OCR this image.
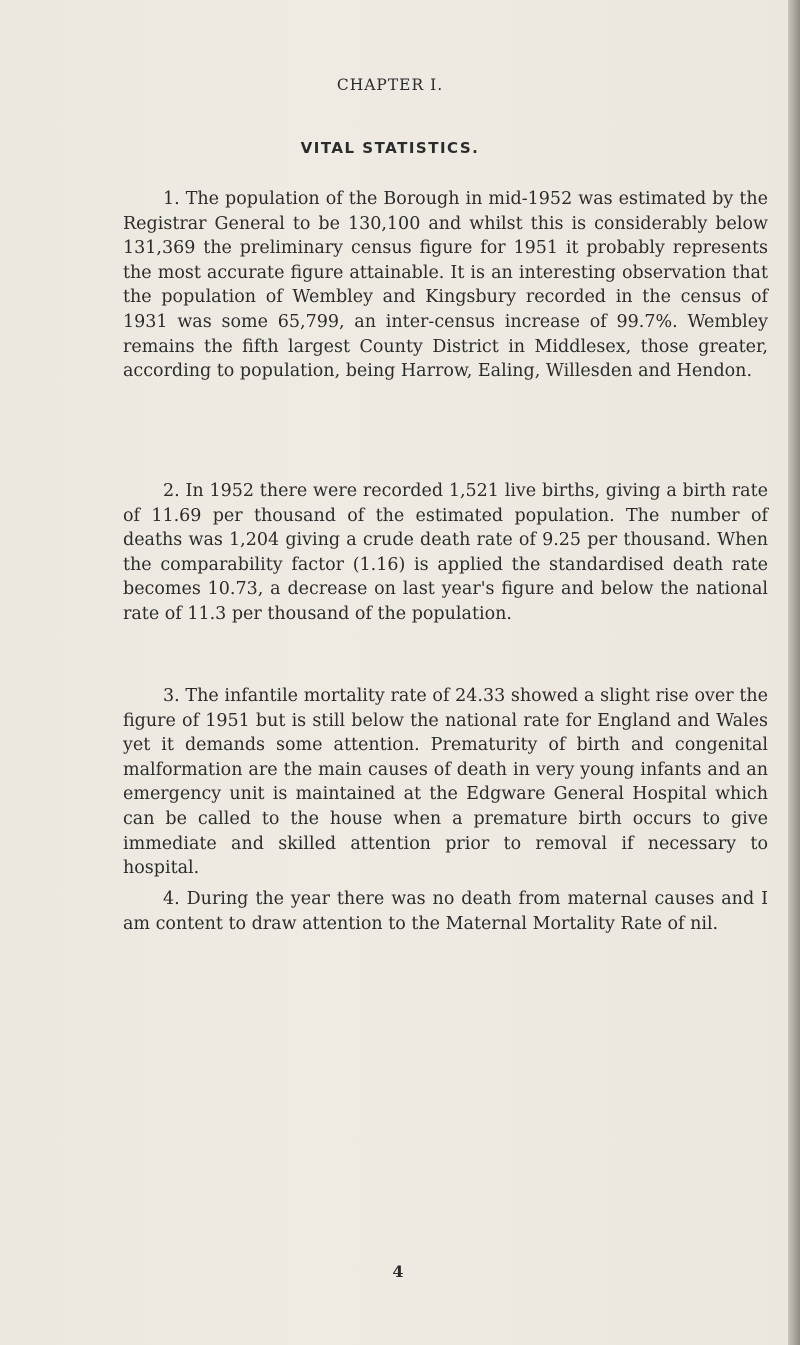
CHAPTER I.
VITAL STATISTICS.

1. The population of the Borough in mid-1952 was estimated by the Registrar General to be 130,100 and whilst this is considerably below 131,369 the preliminary census figure for 1951 it probably represents the most accurate figure attainable. It is an interesting observation that the population of Wembley and Kingsbury recorded in the census of 1931 was some 65,799, an inter-census increase of 99.7%. Wembley remains the fifth largest County District in Middlesex, those greater, according to population, being Harrow, Ealing, Willesden and Hendon.

2. In 1952 there were recorded 1,521 live births, giving a birth rate of 11.69 per thousand of the estimated population. The number of deaths was 1,204 giving a crude death rate of 9.25 per thousand. When the comparability factor (1.16) is applied the standardised death rate becomes 10.73, a decrease on last year's figure and below the national rate of 11.3 per thousand of the population.

3. The infantile mortality rate of 24.33 showed a slight rise over the figure of 1951 but is still below the national rate for England and Wales yet it demands some attention. Prematurity of birth and congenital malformation are the main causes of death in very young infants and an emergency unit is maintained at the Edgware General Hospital which can be called to the house when a premature birth occurs to give immediate and skilled attention prior to removal if necessary to hospital.

4. During the year there was no death from maternal causes and I am content to draw attention to the Maternal Mortality Rate of nil.

4
